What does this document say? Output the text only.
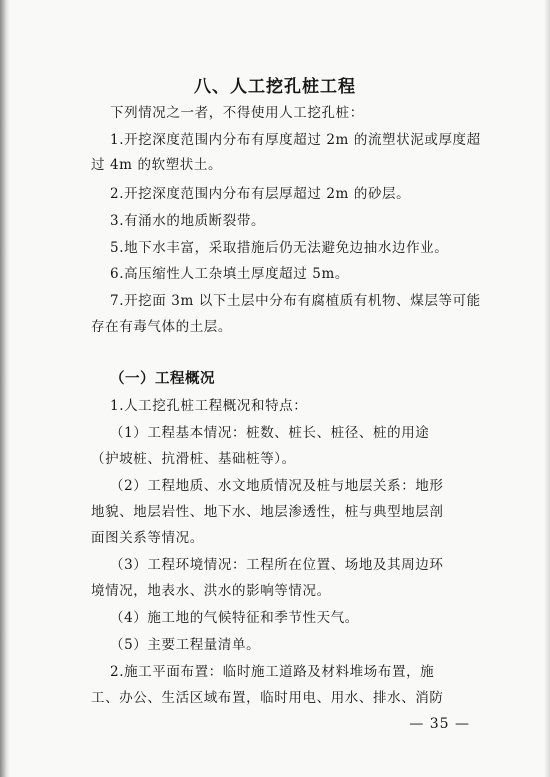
八、人工挖孔桩工程
下列情况之一者，不得使用人工挖孔桩：
1.开挖深度范围内分布有厚度超过 2m 的流塑状泥或厚度超
过 4m 的软塑状土。
2.开挖深度范围内分布有层厚超过 2m 的砂层。
3.有涌水的地质断裂带。
5.地下水丰富，采取措施后仍无法避免边抽水边作业。
6.高压缩性人工杂填土厚度超过 5m。
7.开挖面 3m 以下土层中分布有腐植质有机物、煤层等可能
存在有毒气体的土层。
（一）工程概况
1.人工挖孔桩工程概况和特点：
（1）工程基本情况：桩数、桩长、桩径、桩的用途
（护坡桩、抗滑桩、基础桩等）。
（2）工程地质、水文地质情况及桩与地层关系：地形
地貌、地层岩性、地下水、地层渗透性，桩与典型地层剖
面图关系等情况。
（3）工程环境情况：工程所在位置、场地及其周边环
境情况，地表水、洪水的影响等情况。
（4）施工地的气候特征和季节性天气。
（5）主要工程量清单。
2.施工平面布置：临时施工道路及材料堆场布置，施
工、办公、生活区域布置，临时用电、用水、排水、消防
— 35 —
